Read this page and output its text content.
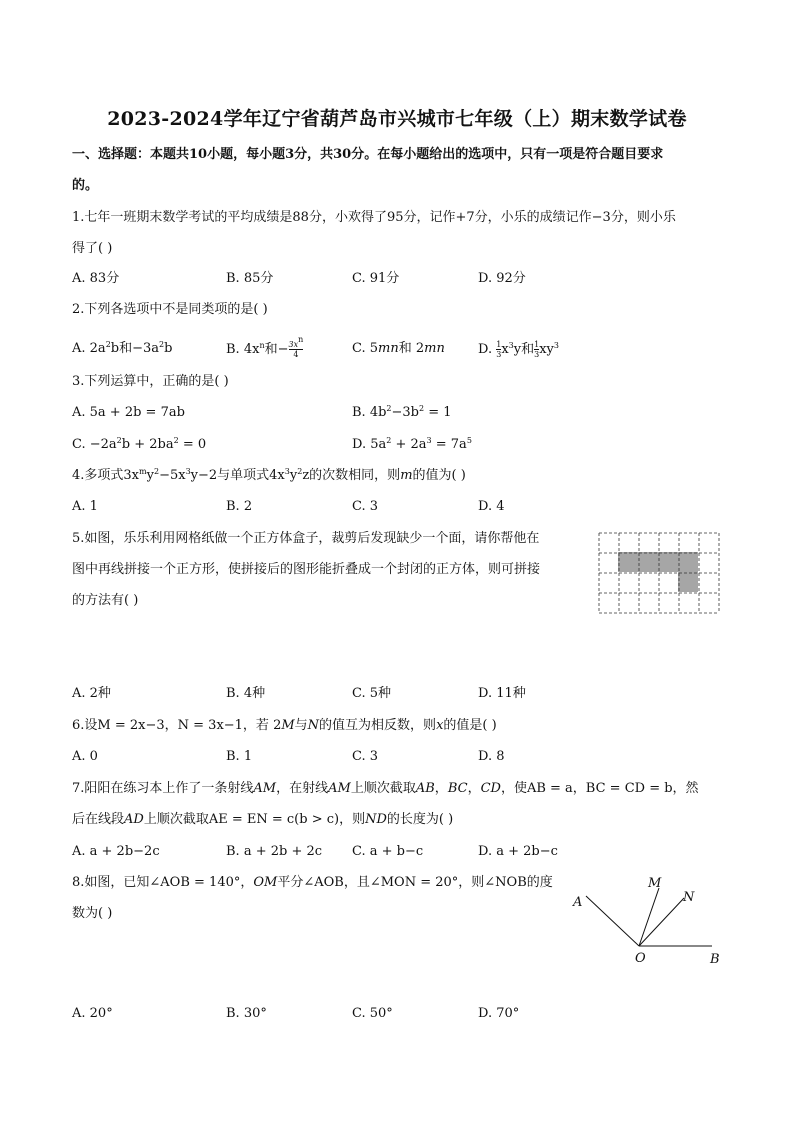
2023-2024学年辽宁省葫芦岛市兴城市七年级（上）期末数学试卷
一、选择题：本题共10小题，每小题3分，共30分。在每小题给出的选项中，只有一项是符合题目要求
的。
1.七年一班期末数学考试的平均成绩是88分，小欢得了95分，记作+7分，小乐的成绩记作−3分，则小乐
得了( )
A. 83分	B. 85分	C. 91分	D. 92分
2.下列各选项中不是同类项的是( )
A. $2a^2b$和$-3a^2b$	B. $4x^n$和− $\frac{3x^n}{4}$	C. 5mn和 2mn	D. $\frac{1}{3} x^3y$和 $\frac{1}{3} xy^3$
3.下列运算中，正确的是( )
A. 5a + 2b = 7ab	B. $4b^2-3b^2 = 1$
C. $-2a^2b + 2ba^2 = 0$	D. $5a^2 + 2a^3 = 7a^5$
4.多项式$3x^my^2-5x^3y-2$与单项式$4x^3y^2z$的次数相同，则m的值为( )
A. 1	B. 2	C. 3	D. 4
5.如图，乐乐利用网格纸做一个正方体盒子，裁剪后发现缺少一个面，请你帮他在
图中再线拼接一个正方形，使拼接后的图形能折叠成一个封闭的正方体，则可拼接
的方法有( )
A. 2种	B. 4种	C. 5种	D. 11种
6.设M = 2x−3，N = 3x−1，若 2M与N的值互为相反数，则x的值是( )
A. 0	B. 1	C. 3	D. 8
7.阳阳在练习本上作了一条射线AM，在射线AM上顺次截取AB，BC，CD，使AB = a，BC = CD = b，然
后在线段AD上顺次截取AE = EN = c(b > c)，则ND的长度为( )
A. a + 2b−2c	B. a + 2b + 2c C. a + b−c	D. a + 2b−c
8.如图，已知∠AOB = 140°，OM平分∠AOB，且∠MON = 20°，则∠NOB的度
数为( )
A
M
N
O	B
A. 20°	B. 30°	C. 50°	D. 70°
